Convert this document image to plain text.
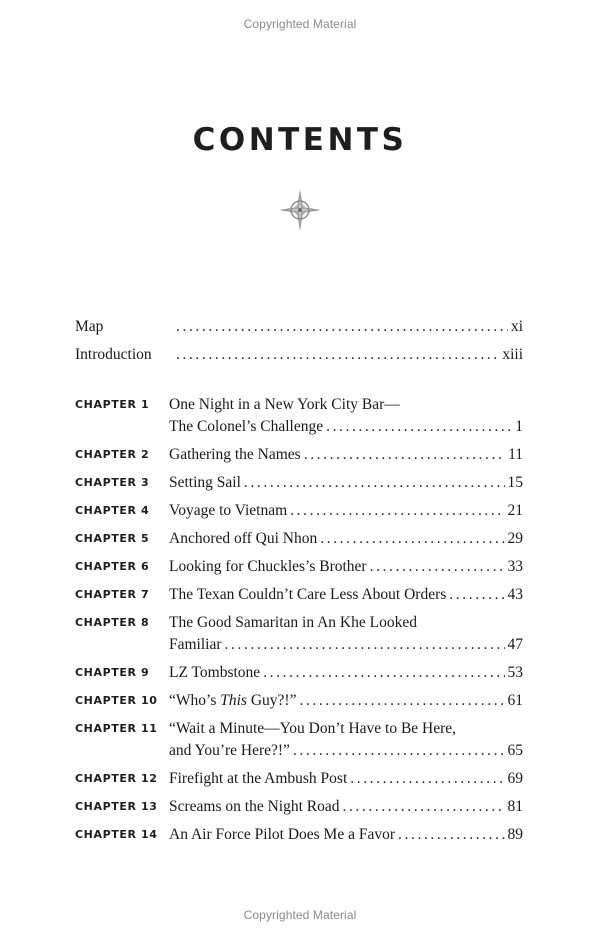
Copyrighted Material
CONTENTS
Map .....	xi
Introduction .....	xiii
CHAPTER 1 One Night in a New York City Bar—
The Colonel’s Challenge .....	1
CHAPTER 2 Gathering the Names .....	11
CHAPTER 3 Setting Sail .....	15
CHAPTER 4 Voyage to Vietnam .....	21
CHAPTER 5 Anchored off Qui Nhon .....	29
CHAPTER 6 Looking for Chuckles’s Brother .....	33
CHAPTER 7 The Texan Couldn’t Care Less About Orders .....	43
CHAPTER 8 The Good Samaritan in An Khe Looked
Familiar .....	47
CHAPTER 9 LZ Tombstone .....	53
CHAPTER 10 “Who’s This Guy?!” .....	61
CHAPTER 11 “Wait a Minute—You Don’t Have to Be Here,
and You’re Here?!” .....	65
CHAPTER 12 Firefight at the Ambush Post .....	69
CHAPTER 13 Screams on the Night Road .....	81
CHAPTER 14 An Air Force Pilot Does Me a Favor .....	89
Copyrighted Material
